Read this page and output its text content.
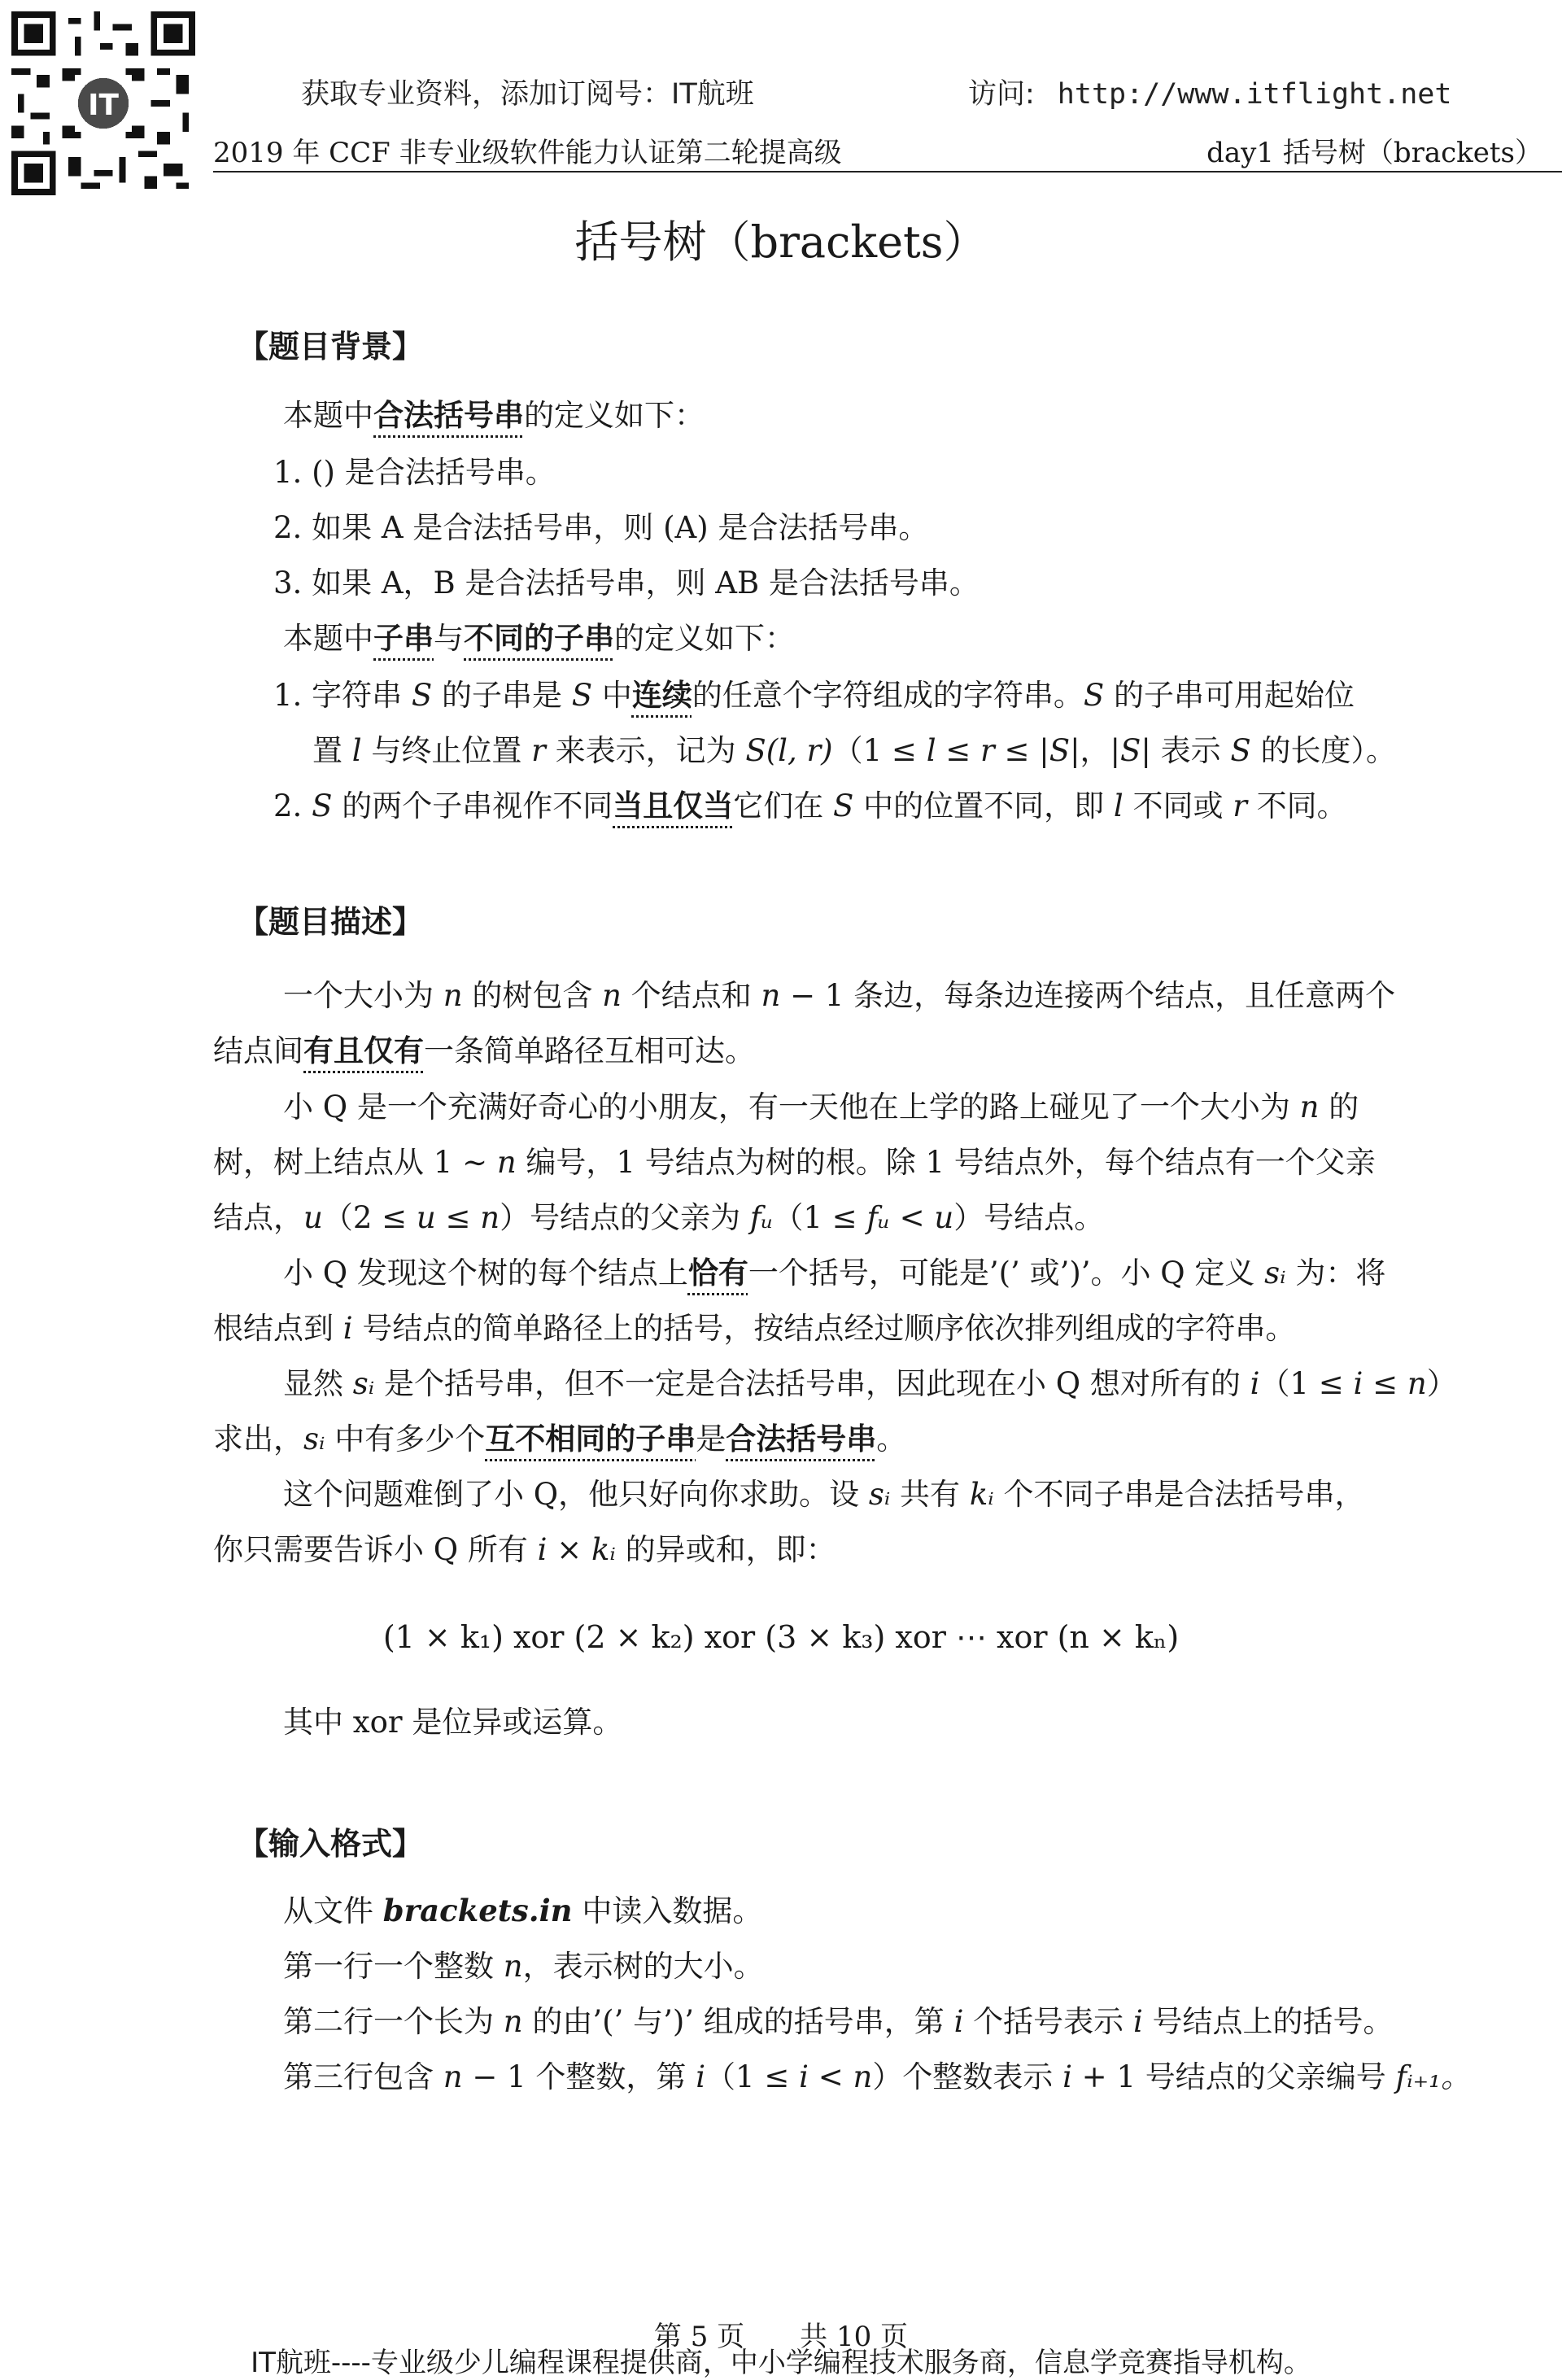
IT	获取专业资料，添加订阅号：IT航班	访问: http://www.itflight.net
2019 年 CCF 非专业级软件能力认证第二轮提高级	day1 括号树（brackets）
括号树（brackets）
【题目背景】
本题中合法括号串的定义如下：
1. () 是合法括号串。
2. 如果 A 是合法括号串，则 (A) 是合法括号串。
3. 如果 A，B 是合法括号串，则 AB 是合法括号串。
本题中子串与不同的子串的定义如下：
1. 字符串 S 的子串是 S 中连续的任意个字符组成的字符串。S 的子串可用起始位
置 l 与终止位置 r 来表示，记为 S(l, r)（1 ≤ l ≤ r ≤ |S|，|S| 表示 S 的长度）。
2. S 的两个子串视作不同当且仅当它们在 S 中的位置不同，即 l 不同或 r 不同。
【题目描述】
一个大小为 n 的树包含 n 个结点和 n − 1 条边，每条边连接两个结点，且任意两个
结点间有且仅有一条简单路径互相可达。
小 Q 是一个充满好奇心的小朋友，有一天他在上学的路上碰见了一个大小为 n 的
树，树上结点从 1 ∼ n 编号，1 号结点为树的根。除 1 号结点外，每个结点有一个父亲
结点，u（2 ≤ u ≤ n）号结点的父亲为 fᵤ（1 ≤ fᵤ < u）号结点。
小 Q 发现这个树的每个结点上恰有一个括号，可能是’(’ 或’)’。小 Q 定义 sᵢ 为：将
根结点到 i 号结点的简单路径上的括号，按结点经过顺序依次排列组成的字符串。
显然 sᵢ 是个括号串，但不一定是合法括号串，因此现在小 Q 想对所有的 i（1 ≤ i ≤ n）
求出，sᵢ 中有多少个互不相同的子串是合法括号串。
这个问题难倒了小 Q，他只好向你求助。设 sᵢ 共有 kᵢ 个不同子串是合法括号串，
你只需要告诉小 Q 所有 i × kᵢ 的异或和，即：
(1 × k₁) xor (2 × k₂) xor (3 × k₃) xor ⋯ xor (n × kₙ)
其中 xor 是位异或运算。
【输入格式】
从文件 brackets.in 中读入数据。
第一行一个整数 n，表示树的大小。
第二行一个长为 n 的由’(’ 与’)’ 组成的括号串，第 i 个括号表示 i 号结点上的括号。
第三行包含 n − 1 个整数，第 i（1 ≤ i < n）个整数表示 i + 1 号结点的父亲编号 fᵢ₊₁。
第 5 页　　共 10 页
IT航班----专业级少儿编程课程提供商，中小学编程技术服务商，信息学竞赛指导机构。
